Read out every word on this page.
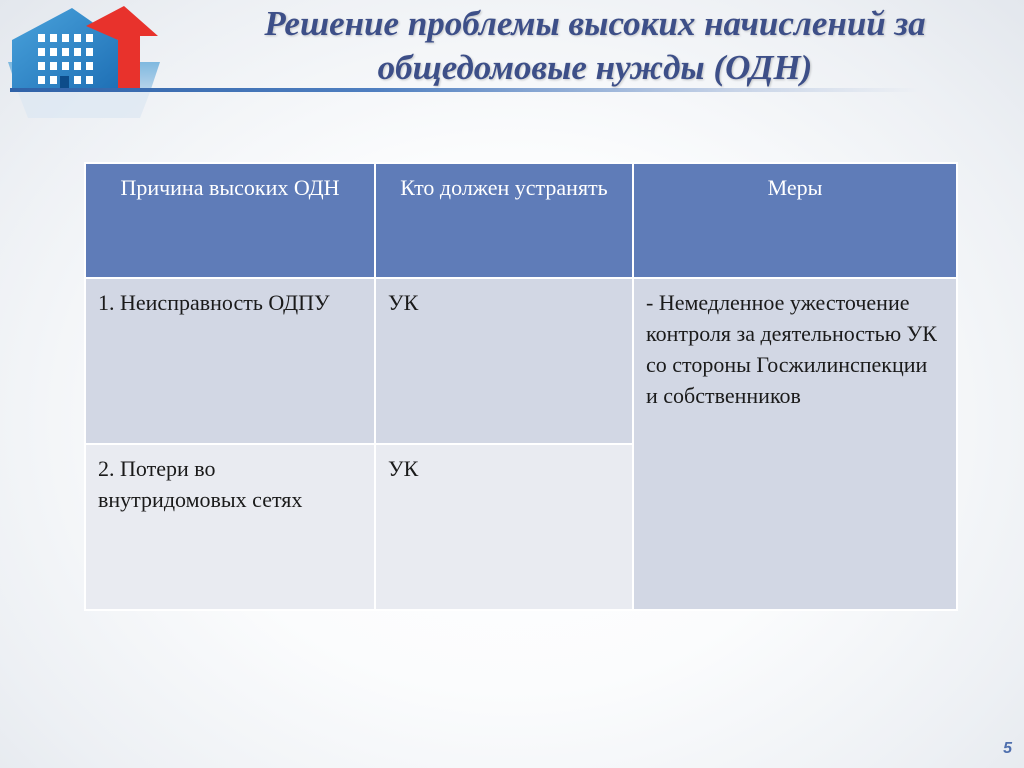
Решение проблемы высоких начислений за общедомовые нужды (ОДН)
Причина высоких ОДН	Кто должен устранять	Меры
1. Неисправность ОДПУ	УК	- Немедленное ужесточение контроля за деятельностью УК со стороны Госжилинспекции и собственников
2. Потери во внутридомовых сетях	УК	
5
